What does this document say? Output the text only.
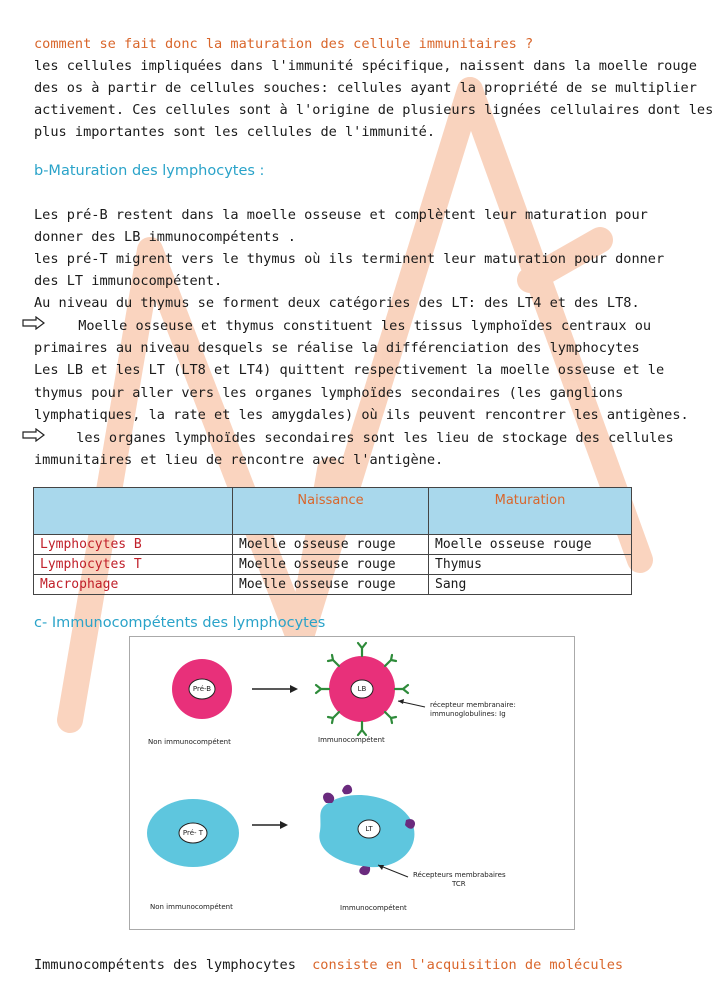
comment se fait donc la maturation des cellule immunitaires ?
les cellules impliquées dans l'immunité spécifique, naissent dans la moelle rouge
des os à partir de cellules souches: cellules ayant la propriété de se multiplier
activement. Ces cellules sont à l'origine de plusieurs lignées cellulaires dont les
plus importantes sont les cellules de l'immunité.
b-Maturation des lymphocytes :
Les pré-B restent dans la moelle osseuse et complètent leur maturation pour
donner des LB immunocompétents .
les pré-T migrent vers le thymus où ils terminent leur maturation pour donner
des LT immunocompétent.
Au niveau du thymus se forment deux catégories des LT: des LT4 et des LT8.
Moelle osseuse et thymus constituent les tissus lymphoïdes centraux ou
primaires au niveau desquels se réalise la différenciation des lymphocytes
Les LB et les LT (LT8 et LT4) quittent respectivement la moelle osseuse et le
thymus pour aller vers les organes lymphoïdes secondaires (les ganglions
lymphatiques, la rate et les amygdales) où ils peuvent rencontrer les antigènes.
les organes lymphoïdes secondaires sont les lieu de stockage des cellules
immunitaires et lieu de rencontre avec l'antigène.
	Naissance	Maturation
Lymphocytes B	Moelle osseuse rouge	Moelle osseuse rouge
Lymphocytes T	Moelle osseuse rouge	Thymus
Macrophage	Moelle osseuse rouge	Sang
c- Immunocompétents des lymphocytes
Pré-B	LB
récepteur membranaire:
immunoglobulines: Ig
Non immunocompétent	Immunocompétent
Pré- T	LT
Récepteurs membrabaires
TCR
Non immunocompétent	Immunocompétent
Immunocompétents des lymphocytes consiste en l'acquisition de molécules
